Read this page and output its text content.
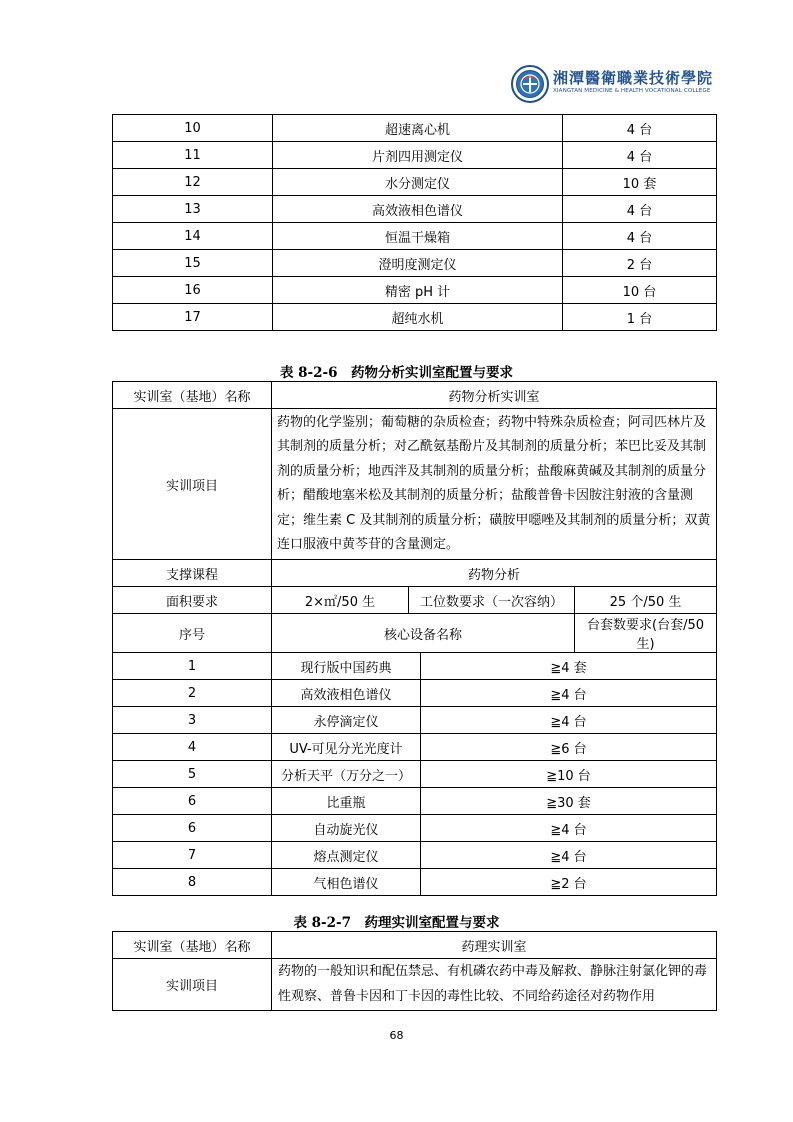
湘潭醫衛職業技術學院
XIANGTAN MEDICINE & HEALTH VOCATIONAL COLLEGE
10	超速离心机	4 台
11	片剂四用测定仪	4 台
12	水分测定仪	10 套
13	高效液相色谱仪	4 台
14	恒温干燥箱	4 台
15	澄明度测定仪	2 台
16	精密 pH 计	10 台
17	超纯水机	1 台
表 8-2-6　药物分析实训室配置与要求
实训室（基地）名称	药物分析实训室			
实训项目	药物的化学鉴别；葡萄糖的杂质检查；药物中特殊杂质检查；阿司匹林片及其制剂的质量分析；对乙酰氨基酚片及其制剂的质量分析；苯巴比妥及其制剂的质量分析；地西泮及其制剂的质量分析；盐酸麻黄碱及其制剂的质量分析；醋酸地塞米松及其制剂的质量分析；盐酸普鲁卡因胺注射液的含量测定；维生素 C 及其制剂的质量分析；磺胺甲噁唑及其制剂的质量分析；双黄连口服液中黄芩苷的含量测定。			
支撑课程	药物分析			
面积要求	2×㎡/50 生	工位数要求（一次容纳）		25 个/50 生
序号	核心设备名称			台套数要求(台套/50生)
1	现行版中国药典		≧4 套	
2	高效液相色谱仪		≧4 台	
3	永停滴定仪		≧4 台	
4	UV-可见分光光度计		≧6 台	
5	分析天平（万分之一）		≧10 台	
6	比重瓶		≧30 套	
6	自动旋光仪		≧4 台	
7	熔点测定仪		≧4 台	
8	气相色谱仪		≧2 台	
表 8-2-7　药理实训室配置与要求
实训室（基地）名称	药理实训室
实训项目	药物的一般知识和配伍禁忌、有机磷农药中毒及解救、静脉注射氯化钾的毒性观察、普鲁卡因和丁卡因的毒性比较、不同给药途径对药物作用
68
